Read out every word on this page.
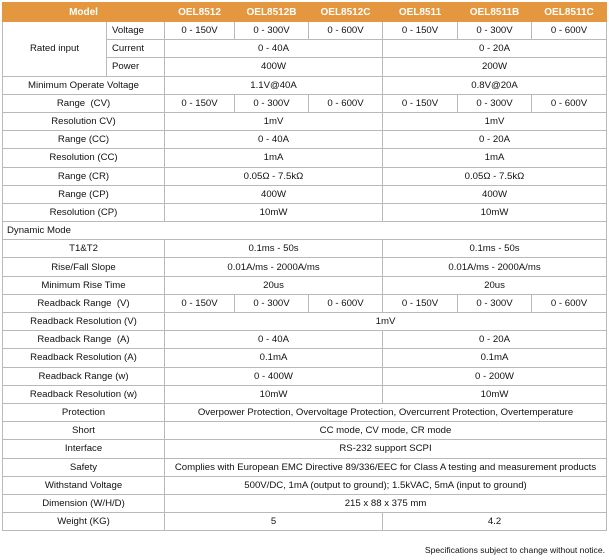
Model		OEL8512	OEL8512B	OEL8512C	OEL8511	OEL8511B	OEL8511C
Rated input	Voltage	0 - 150V	0 - 300V	0 - 600V	0 - 150V	0 - 300V	0 - 600V
	Current	0 - 40A			0 - 20A		
	Power	400W			200W		
Minimum Operate Voltage		1.1V@40A			0.8V@20A		
Range  (CV)		0 - 150V	0 - 300V	0 - 600V	0 - 150V	0 - 300V	0 - 600V
Resolution CV)		1mV			1mV		
Range (CC)		0 - 40A			0 - 20A		
Resolution (CC)		1mA			1mA		
Range (CR)		0.05Ω - 7.5kΩ			0.05Ω - 7.5kΩ		
Range (CP)		400W			400W		
Resolution (CP)		10mW			10mW		
Dynamic Mode							
T1&T2		0.1ms - 50s			0.1ms - 50s		
Rise/Fall Slope		0.01A/ms - 2000A/ms			0.01A/ms - 2000A/ms		
Minimum Rise Time		20us			20us		
Readback Range  (V)		0 - 150V	0 - 300V	0 - 600V	0 - 150V	0 - 300V	0 - 600V
Readback Resolution (V)		1mV					
Readback Range  (A)		0 - 40A			0 - 20A		
Readback Resolution (A)		0.1mA			0.1mA		
Readback Range (w)		0 - 400W			0 - 200W		
Readback Resolution (w)		10mW			10mW		
Protection		Overpower Protection, Overvoltage Protection, Overcurrent Protection, Overtemperature					
Short		CC mode, CV mode, CR mode					
Interface		RS-232 support SCPI					
Safety		Complies with European EMC Directive 89/336/EEC for Class A testing and measurement products					
Withstand Voltage		500V/DC, 1mA (output to ground); 1.5kVAC, 5mA (input to ground)					
Dimension (W/H/D)		215 x 88 x 375 mm					
Weight (KG)		5			4.2		
Specifications subject to change without notice.
